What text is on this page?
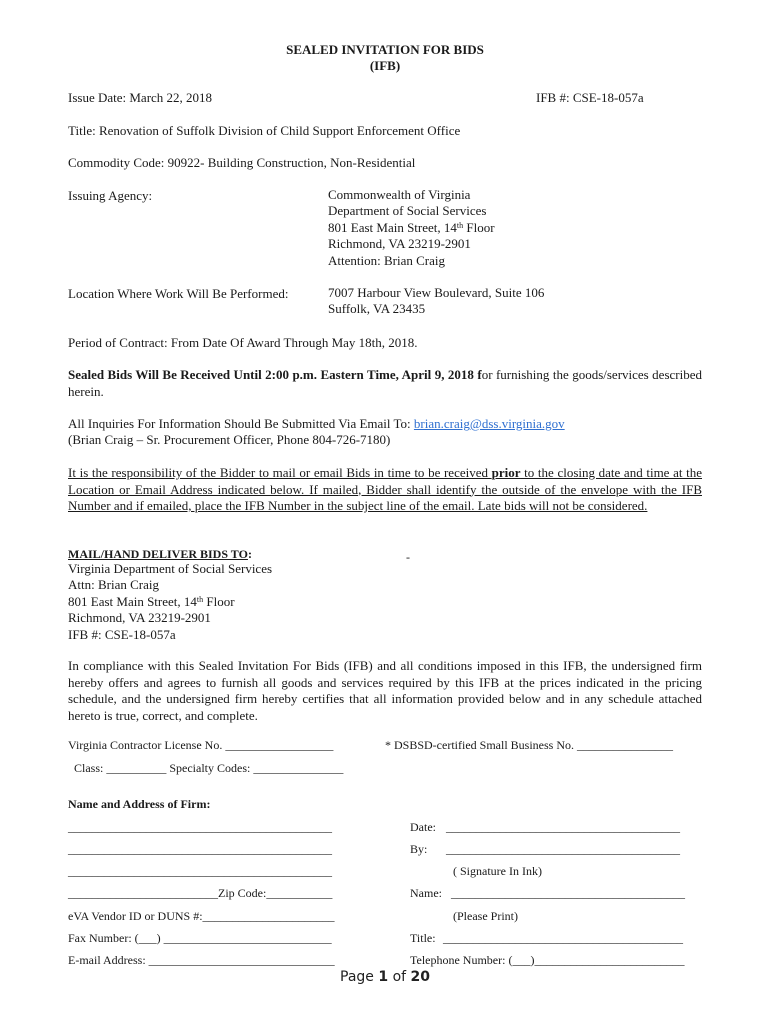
SEALED INVITATION FOR BIDS
(IFB)
Issue Date: March 22, 2018	IFB #: CSE-18-057a
Title: Renovation of Suffolk Division of Child Support Enforcement Office
Commodity Code: 90922- Building Construction, Non-Residential
Issuing Agency:	Commonwealth of Virginia
Department of Social Services
801 East Main Street, 14th Floor
Richmond, VA 23219-2901
Attention: Brian Craig
Location Where Work Will Be Performed:	7007 Harbour View Boulevard, Suite 106
Suffolk, VA 23435
Period of Contract: From Date Of Award Through May 18th, 2018.
Sealed Bids Will Be Received Until 2:00 p.m. Eastern Time, April 9, 2018 for furnishing the goods/services described herein.
All Inquiries For Information Should Be Submitted Via Email To: brian.craig@dss.virginia.gov
(Brian Craig – Sr. Procurement Officer, Phone 804-726-7180)
It is the responsibility of the Bidder to mail or email Bids in time to be received prior to the closing date and time at the Location or Email Address indicated below. If mailed, Bidder shall identify the outside of the envelope with the IFB Number and if emailed, place the IFB Number in the subject line of the email. Late bids will not be considered.
MAIL/HAND DELIVER BIDS TO:	-
Virginia Department of Social Services
Attn: Brian Craig
801 East Main Street, 14th Floor
Richmond, VA 23219-2901
IFB #: CSE-18-057a
In compliance with this Sealed Invitation For Bids (IFB) and all conditions imposed in this IFB, the undersigned firm hereby offers and agrees to furnish all goods and services required by this IFB at the prices indicated in the pricing schedule, and the undersigned firm hereby certifies that all information provided below and in any schedule attached hereto is true, correct, and complete.
Virginia Contractor License No. __________________	* DSBSD-certified Small Business No. ________________
Class: __________ Specialty Codes: _______________
Name and Address of Firm:
____________________________________________
____________________________________________
____________________________________________
_________________________Zip Code:___________
eVA Vendor ID or DUNS #:______________________
Fax Number: (___) ____________________________
E-mail Address: _______________________________
Date: _______________________________________
By: _______________________________________
( Signature In Ink)
Name: _______________________________________
(Please Print)
Title: ________________________________________
Telephone Number: (___)_________________________
Page 1 of 20
